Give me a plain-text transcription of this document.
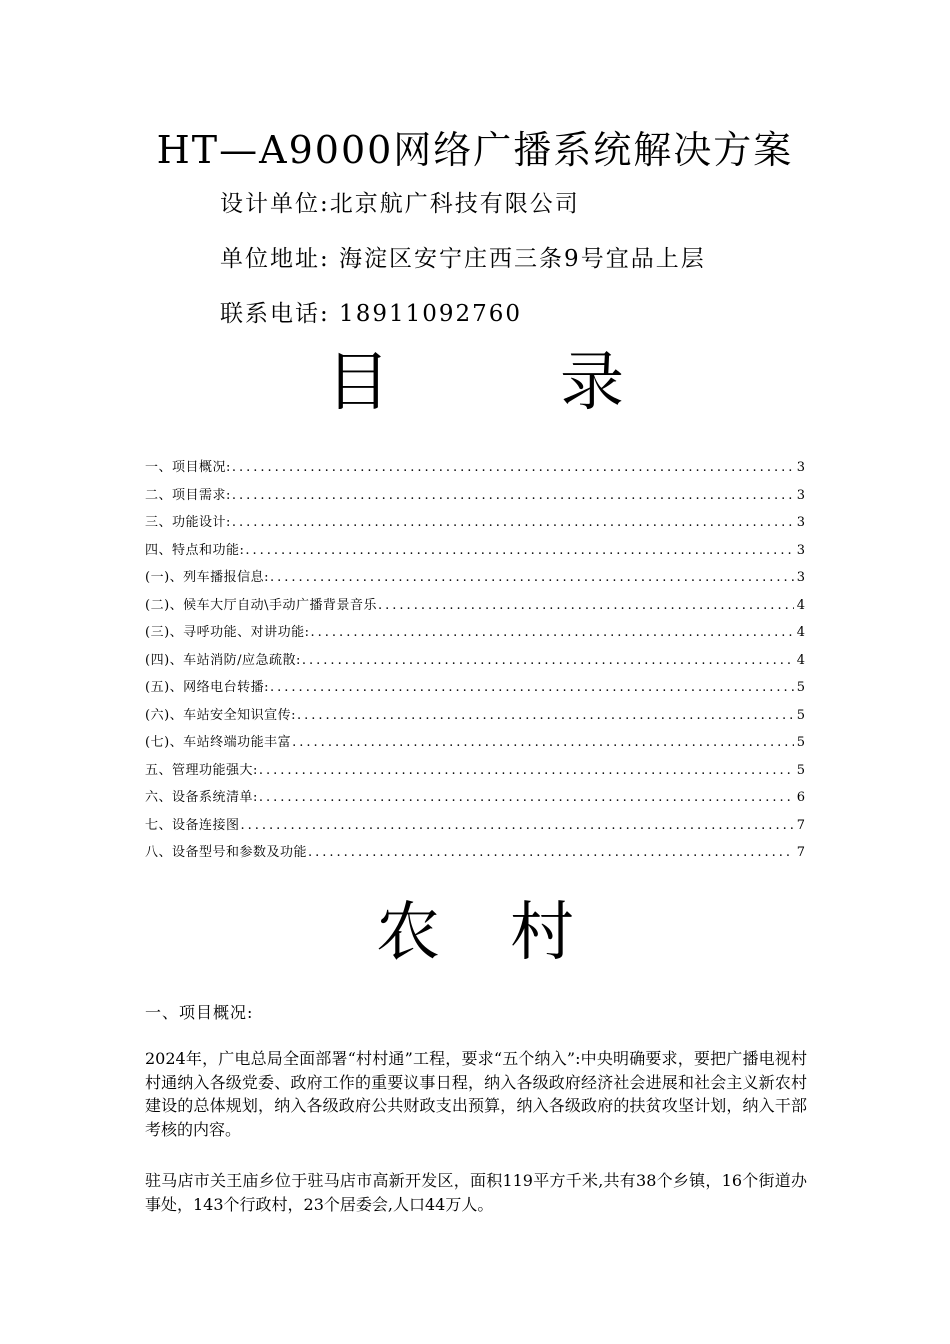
HT—A9000网络广播系统解决方案
设计单位:北京航广科技有限公司
单位地址: 海淀区安宁庄西三条9号宜品上层
联系电话: 18911092760
目	录
一、项目概况: .....	3
二、项目需求: .....	3
三、功能设计: .....	3
四、特点和功能: .....	3
(一)、列车播报信息: .....	3
(二)、候车大厅自动\手动广播背景音乐 .....	4
(三)、寻呼功能、对讲功能: .....	4
(四)、车站消防/应急疏散: .....	4
(五)、网络电台转播: .....	5
(六)、车站安全知识宣传: .....	5
(七)、车站终端功能丰富 .....	5
五、管理功能强大: .....	5
六、设备系统清单: .....	6
七、设备连接图 .....	7
八、设备型号和参数及功能 .....	7
农 村
一、项目概况:

2024年，广电总局全面部署“村村通”工程，要求“五个纳入”:中央明确要求，要把广播电视村村通纳入各级党委、政府工作的重要议事日程，纳入各级政府经济社会进展和社会主义新农村建设的总体规划，纳入各级政府公共财政支出预算，纳入各级政府的扶贫攻坚计划，纳入干部考核的内容。

驻马店市关王庙乡位于驻马店市高新开发区，面积119平方千米,共有38个乡镇，16个街道办事处，143个行政村，23个居委会,人口44万人。
